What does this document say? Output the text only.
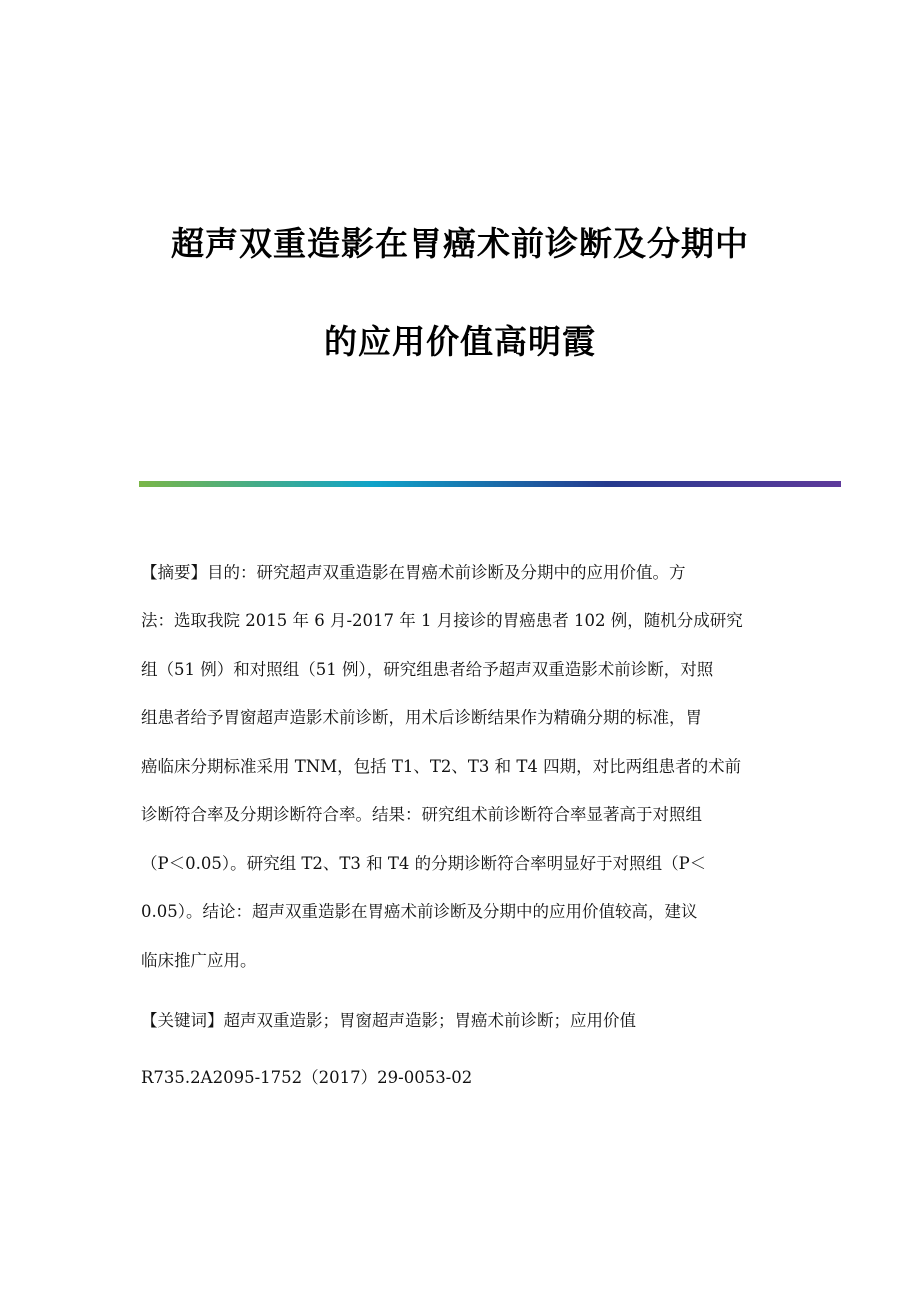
超声双重造影在胃癌术前诊断及分期中
的应用价值高明霞
【摘要】目的：研究超声双重造影在胃癌术前诊断及分期中的应用价值。方
法：选取我院 2015 年 6 月-2017 年 1 月接诊的胃癌患者 102 例，随机分成研究
组（51 例）和对照组（51 例），研究组患者给予超声双重造影术前诊断，对照
组患者给予胃窗超声造影术前诊断，用术后诊断结果作为精确分期的标准，胃
癌临床分期标准采用 TNM，包括 T1、T2、T3 和 T4 四期，对比两组患者的术前
诊断符合率及分期诊断符合率。结果：研究组术前诊断符合率显著高于对照组
（P＜0.05）。研究组 T2、T3 和 T4 的分期诊断符合率明显好于对照组（P＜
0.05）。结论：超声双重造影在胃癌术前诊断及分期中的应用价值较高，建议
临床推广应用。
【关键词】超声双重造影；胃窗超声造影；胃癌术前诊断；应用价值
R735.2A2095-1752（2017）29-0053-02
